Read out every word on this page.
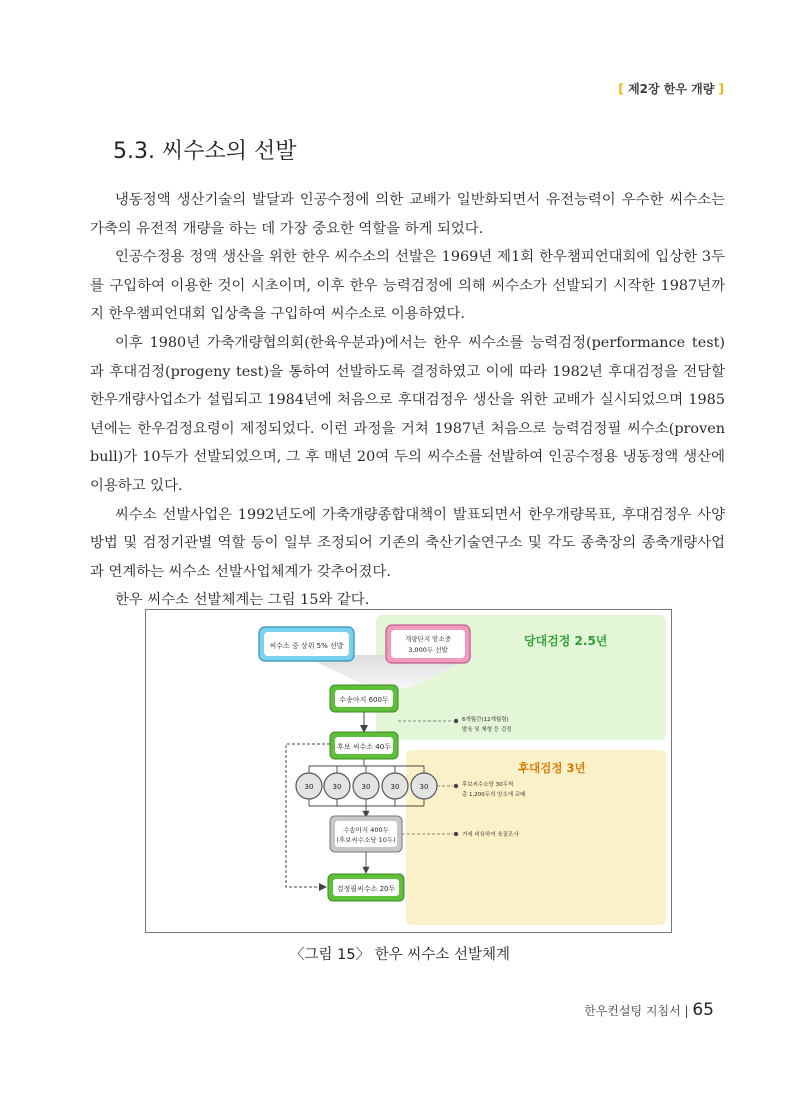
[ 제2장 한우 개량 ]
5.3. 씨수소의 선발

냉동정액 생산기술의 발달과 인공수정에 의한 교배가 일반화되면서 유전능력이 우수한 씨수소는 가축의 유전적 개량을 하는 데 가장 중요한 역할을 하게 되었다.

인공수정용 정액 생산을 위한 한우 씨수소의 선발은 1969년 제1회 한우챔피언대회에 입상한 3두를 구입하여 이용한 것이 시초이며, 이후 한우 능력검정에 의해 씨수소가 선발되기 시작한 1987년까지 한우챔피언대회 입상축을 구입하여 씨수소로 이용하였다.

이후 1980년 가축개량협의회(한육우분과)에서는 한우 씨수소를 능력검정(performance test)과 후대검정(progeny test)을 통하여 선발하도록 결정하였고 이에 따라 1982년 후대검정을 전담할 한우개량사업소가 설립되고 1984년에 처음으로 후대검정우 생산을 위한 교배가 실시되었으며 1985년에는 한우검정요령이 제정되었다. 이런 과정을 거쳐 1987년 처음으로 능력검정필 씨수소(proven bull)가 10두가 선발되었으며, 그 후 매년 20여 두의 씨수소를 선발하여 인공수정용 냉동정액 생산에 이용하고 있다.

씨수소 선발사업은 1992년도에 가축개량종합대책이 발표되면서 한우개량목표, 후대검정우 사양방법 및 검정기관별 역할 등이 일부 조정되어 기존의 축산기술연구소 및 각도 종축장의 종축개량사업과 연계하는 씨수소 선발사업체계가 갖추어졌다.

한우 씨수소 선발체계는 그림 15와 같다.

씨수소 중 상위 5% 선발
개량단지 암소중
3,000두 선발
당대검정 2.5년
후대검정 3년
수송아지 600두
6개월간(12개월령)
발육 및 체형 등 검정
후보 씨수소 40두
30	30	30	30	30	후보씨수소당 30두씩
총 1,200두의 암소에 교배
수송아지 400두
(후보씨수소당 10두)
거세 비육하여 육질조사
검정필씨수소 20두
〈그림 15〉 한우 씨수소 선발체계
한우컨설팅 지침서 | 65
